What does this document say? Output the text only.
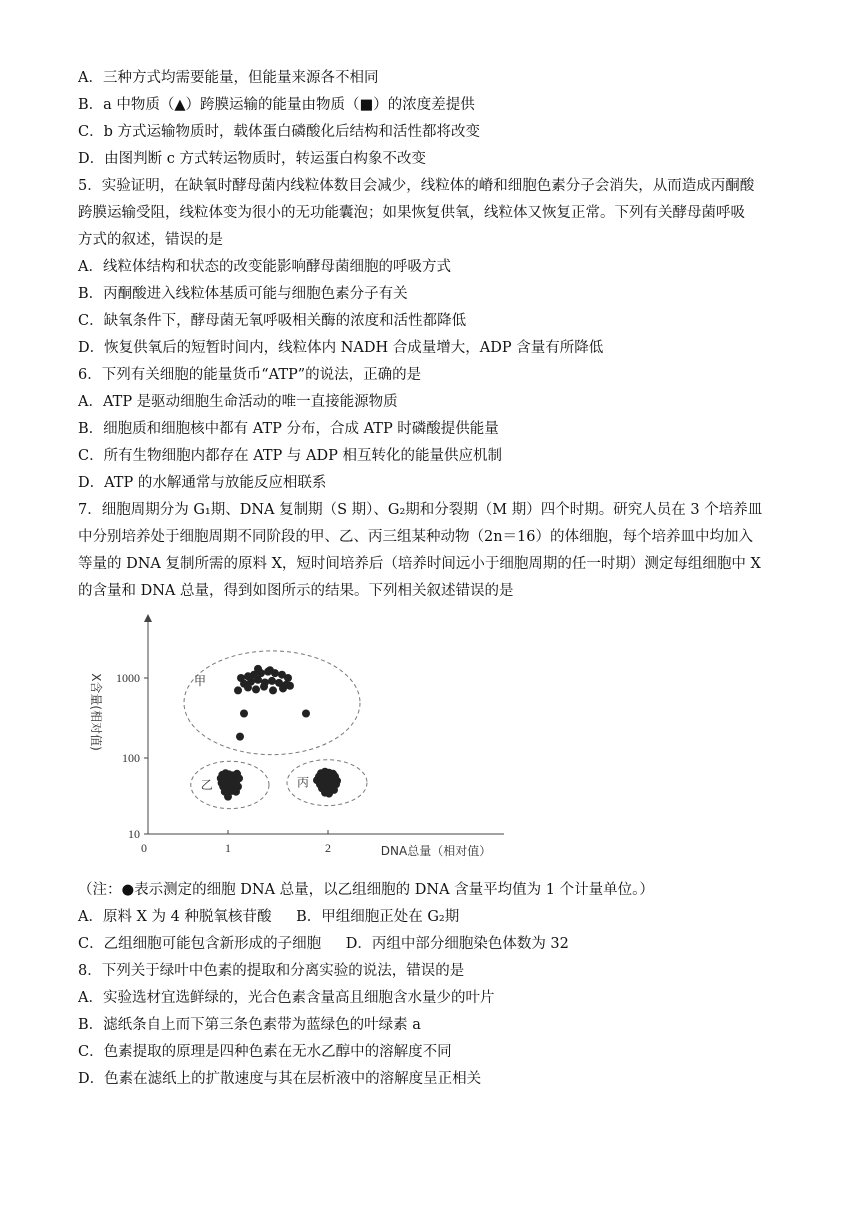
A．三种方式均需要能量，但能量来源各不相同
B．a 中物质（▲）跨膜运输的能量由物质（■）的浓度差提供
C．b 方式运输物质时，载体蛋白磷酸化后结构和活性都将改变
D．由图判断 c 方式转运物质时，转运蛋白构象不改变
5．实验证明，在缺氧时酵母菌内线粒体数目会减少，线粒体的嵴和细胞色素分子会消失，从而造成丙酮酸
跨膜运输受阻，线粒体变为很小的无功能囊泡；如果恢复供氧，线粒体又恢复正常。下列有关酵母菌呼吸
方式的叙述，错误的是
A．线粒体结构和状态的改变能影响酵母菌细胞的呼吸方式
B．丙酮酸进入线粒体基质可能与细胞色素分子有关
C．缺氧条件下，酵母菌无氧呼吸相关酶的浓度和活性都降低
D．恢复供氧后的短暂时间内，线粒体内 NADH 合成量增大，ADP 含量有所降低
6．下列有关细胞的能量货币“ATP”的说法，正确的是
A．ATP 是驱动细胞生命活动的唯一直接能源物质
B．细胞质和细胞核中都有 ATP 分布，合成 ATP 时磷酸提供能量
C．所有生物细胞内都存在 ATP 与 ADP 相互转化的能量供应机制
D．ATP 的水解通常与放能反应相联系
7．细胞周期分为 G₁期、DNA 复制期（S 期）、G₂期和分裂期（M 期）四个时期。研究人员在 3 个培养皿
中分别培养处于细胞周期不同阶段的甲、乙、丙三组某种动物（2n＝16）的体细胞，每个培养皿中均加入
等量的 DNA 复制所需的原料 X，短时间培养后（培养时间远小于细胞周期的任一时期）测定每组细胞中 X
的含量和 DNA 总量，得到如图所示的结果。下列相关叙述错误的是
X含量(相对值)
DNA总量（相对值）
10
100
1000
0	1	2
甲
乙	丙
（注：●表示测定的细胞 DNA 总量，以乙组细胞的 DNA 含量平均值为 1 个计量单位。）
A．原料 X 为 4 种脱氧核苷酸 B．甲组细胞正处在 G₂期
C．乙组细胞可能包含新形成的子细胞 D．丙组中部分细胞染色体数为 32
8．下列关于绿叶中色素的提取和分离实验的说法，错误的是
A．实验选材宜选鲜绿的，光合色素含量高且细胞含水量少的叶片
B．滤纸条自上而下第三条色素带为蓝绿色的叶绿素 a
C．色素提取的原理是四种色素在无水乙醇中的溶解度不同
D．色素在滤纸上的扩散速度与其在层析液中的溶解度呈正相关
